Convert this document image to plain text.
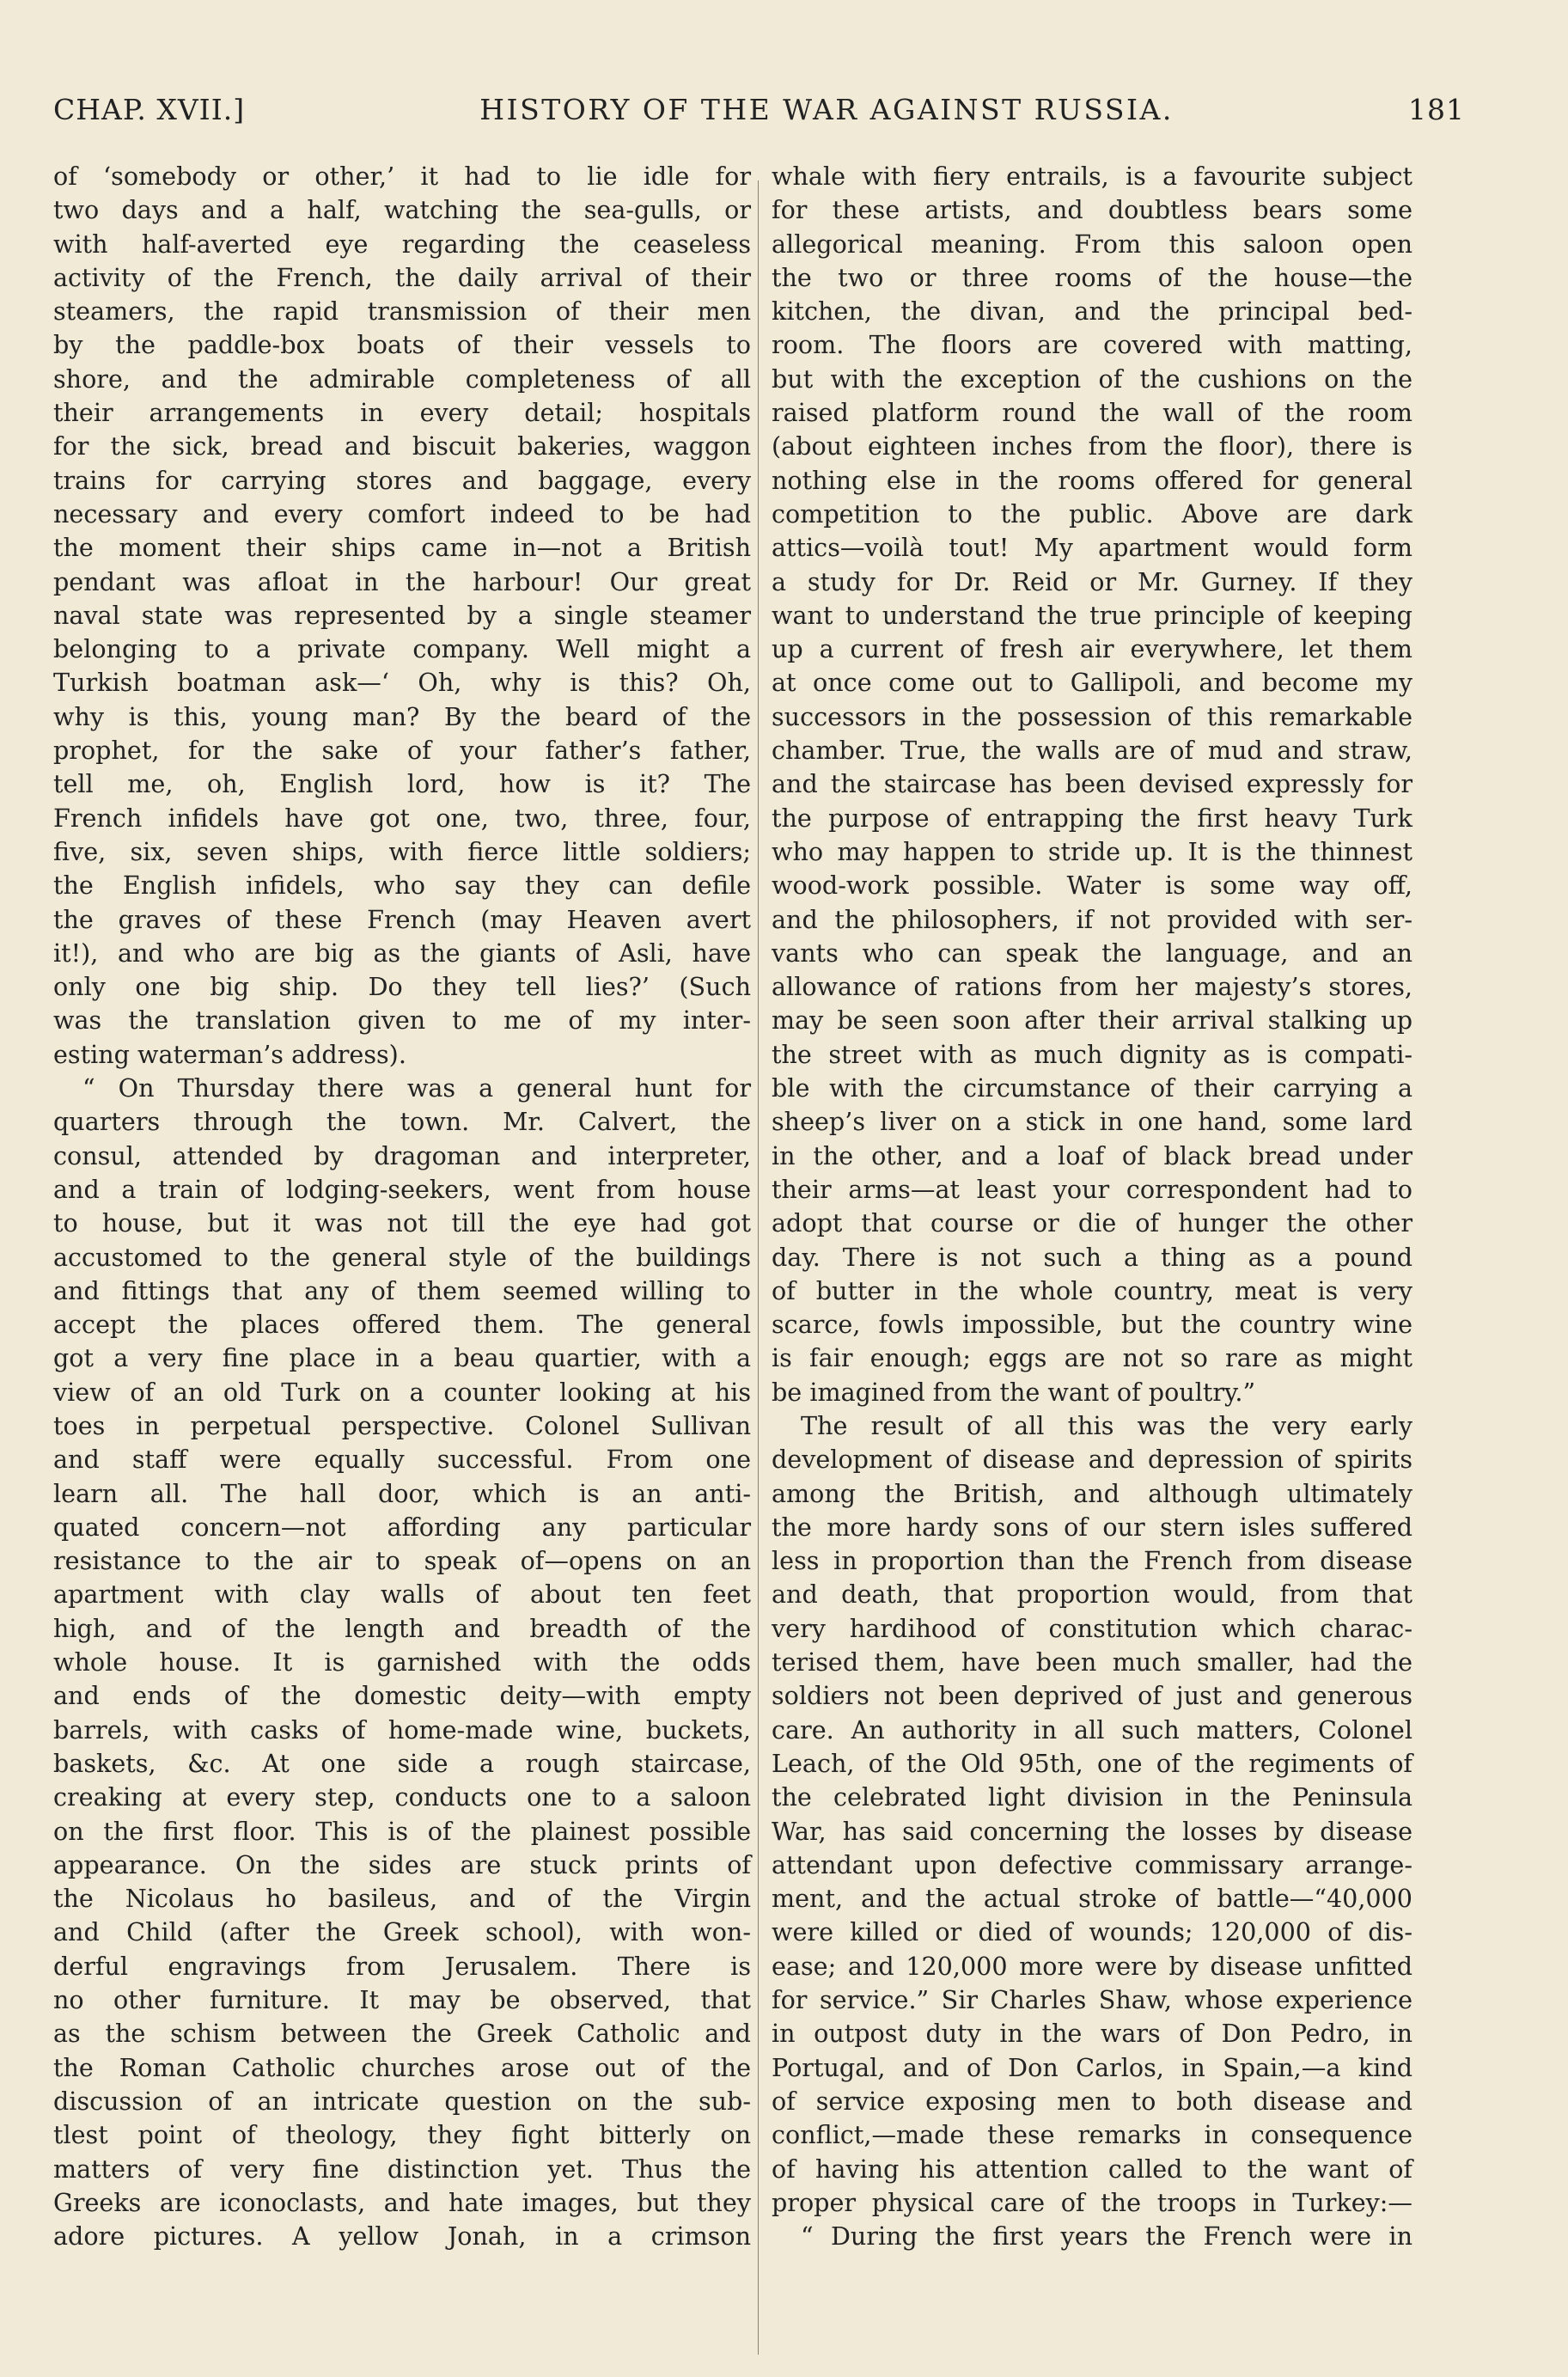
CHAP. XVII.]	HISTORY OF THE WAR AGAINST RUSSIA.	181
of ‘somebody or other,’ it had to lie idle for
two days and a half, watching the sea-gulls, or
with half-averted eye regarding the ceaseless
activity of the French, the daily arrival of their
steamers, the rapid transmission of their men
by the paddle-box boats of their vessels to
shore, and the admirable completeness of all
their arrangements in every detail; hospitals
for the sick, bread and biscuit bakeries, waggon
trains for carrying stores and baggage, every
necessary and every comfort indeed to be had
the moment their ships came in—not a British
pendant was afloat in the harbour! Our great
naval state was represented by a single steamer
belonging to a private company. Well might a
Turkish boatman ask—‘ Oh, why is this? Oh,
why is this, young man? By the beard of the
prophet, for the sake of your father’s father,
tell me, oh, English lord, how is it? The
French infidels have got one, two, three, four,
five, six, seven ships, with fierce little soldiers;
the English infidels, who say they can defile
the graves of these French (may Heaven avert
it!), and who are big as the giants of Asli, have
only one big ship. Do they tell lies?’ (Such
was the translation given to me of my inter-
esting waterman’s address).
“ On Thursday there was a general hunt for
quarters through the town. Mr. Calvert, the
consul, attended by dragoman and interpreter,
and a train of lodging-seekers, went from house
to house, but it was not till the eye had got
accustomed to the general style of the buildings
and fittings that any of them seemed willing to
accept the places offered them. The general
got a very fine place in a beau quartier, with a
view of an old Turk on a counter looking at his
toes in perpetual perspective. Colonel Sullivan
and staff were equally successful. From one
learn all. The hall door, which is an anti-
quated concern—not affording any particular
resistance to the air to speak of—opens on an
apartment with clay walls of about ten feet
high, and of the length and breadth of the
whole house. It is garnished with the odds
and ends of the domestic deity—with empty
barrels, with casks of home-made wine, buckets,
baskets, &c. At one side a rough staircase,
creaking at every step, conducts one to a saloon
on the first floor. This is of the plainest possible
appearance. On the sides are stuck prints of
the Nicolaus ho basileus, and of the Virgin
and Child (after the Greek school), with won-
derful engravings from Jerusalem. There is
no other furniture. It may be observed, that
as the schism between the Greek Catholic and
the Roman Catholic churches arose out of the
discussion of an intricate question on the sub-
tlest point of theology, they fight bitterly on
matters of very fine distinction yet. Thus the
Greeks are iconoclasts, and hate images, but they
adore pictures. A yellow Jonah, in a crimson
whale with fiery entrails, is a favourite subject
for these artists, and doubtless bears some
allegorical meaning. From this saloon open
the two or three rooms of the house—the
kitchen, the divan, and the principal bed-
room. The floors are covered with matting,
but with the exception of the cushions on the
raised platform round the wall of the room
(about eighteen inches from the floor), there is
nothing else in the rooms offered for general
competition to the public. Above are dark
attics—voilà tout! My apartment would form
a study for Dr. Reid or Mr. Gurney. If they
want to understand the true principle of keeping
up a current of fresh air everywhere, let them
at once come out to Gallipoli, and become my
successors in the possession of this remarkable
chamber. True, the walls are of mud and straw,
and the staircase has been devised expressly for
the purpose of entrapping the first heavy Turk
who may happen to stride up. It is the thinnest
wood-work possible. Water is some way off,
and the philosophers, if not provided with ser-
vants who can speak the language, and an
allowance of rations from her majesty’s stores,
may be seen soon after their arrival stalking up
the street with as much dignity as is compati-
ble with the circumstance of their carrying a
sheep’s liver on a stick in one hand, some lard
in the other, and a loaf of black bread under
their arms—at least your correspondent had to
adopt that course or die of hunger the other
day. There is not such a thing as a pound
of butter in the whole country, meat is very
scarce, fowls impossible, but the country wine
is fair enough; eggs are not so rare as might
be imagined from the want of poultry.”
The result of all this was the very early
development of disease and depression of spirits
among the British, and although ultimately
the more hardy sons of our stern isles suffered
less in proportion than the French from disease
and death, that proportion would, from that
very hardihood of constitution which charac-
terised them, have been much smaller, had the
soldiers not been deprived of just and generous
care. An authority in all such matters, Colonel
Leach, of the Old 95th, one of the regiments of
the celebrated light division in the Peninsula
War, has said concerning the losses by disease
attendant upon defective commissary arrange-
ment, and the actual stroke of battle—“40,000
were killed or died of wounds; 120,000 of dis-
ease; and 120,000 more were by disease unfitted
for service.” Sir Charles Shaw, whose experience
in outpost duty in the wars of Don Pedro, in
Portugal, and of Don Carlos, in Spain,—a kind
of service exposing men to both disease and
conflict,—made these remarks in consequence
of having his attention called to the want of
proper physical care of the troops in Turkey:—
“ During the first years the French were in
